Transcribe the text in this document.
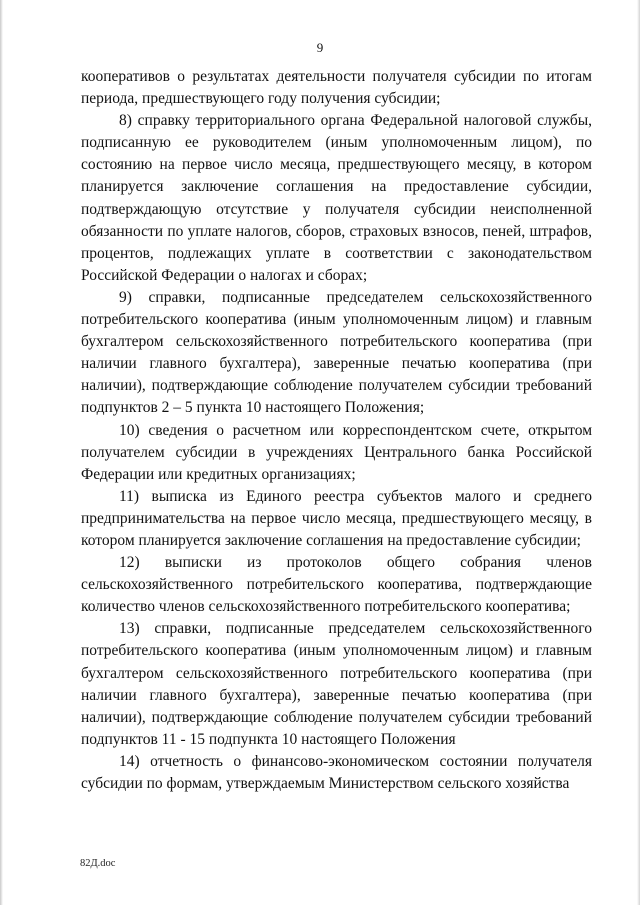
9

кооперативов о результатах деятельности получателя субсидии по итогам периода, предшествующего году получения субсидии;

8) справку территориального органа Федеральной налоговой службы, подписанную ее руководителем (иным уполномоченным лицом), по состоянию на первое число месяца, предшествующего месяцу, в котором планируется заключение соглашения на предоставление субсидии, подтверждающую отсутствие у получателя субсидии неисполненной обязанности по уплате налогов, сборов, страховых взносов, пеней, штрафов, процентов, подлежащих уплате в соответствии с законодательством Российской Федерации о налогах и сборах;

9) справки, подписанные председателем сельскохозяйственного потребительского кооператива (иным уполномоченным лицом) и главным бухгалтером сельскохозяйственного потребительского кооператива (при наличии главного бухгалтера), заверенные печатью кооператива (при наличии), подтверждающие соблюдение получателем субсидии требований подпунктов 2 – 5 пункта 10 настоящего Положения;

10) сведения о расчетном или корреспондентском счете, открытом получателем субсидии в учреждениях Центрального банка Российской Федерации или кредитных организациях;

11) выписка из Единого реестра субъектов малого и среднего предпринимательства на первое число месяца, предшествующего месяцу, в котором планируется заключение соглашения на предоставление субсидии;

12) выписки из протоколов общего собрания членов сельскохозяйственного потребительского кооператива, подтверждающие количество членов сельскохозяйственного потребительского кооператива;

13) справки, подписанные председателем сельскохозяйственного потребительского кооператива (иным уполномоченным лицом) и главным бухгалтером сельскохозяйственного потребительского кооператива (при наличии главного бухгалтера), заверенные печатью кооператива (при наличии), подтверждающие соблюдение получателем субсидии требований подпунктов 11 - 15 подпункта 10 настоящего Положения

14) отчетность о финансово-экономическом состоянии получателя субсидии по формам, утверждаемым Министерством сельского хозяйства

82Д.doc
